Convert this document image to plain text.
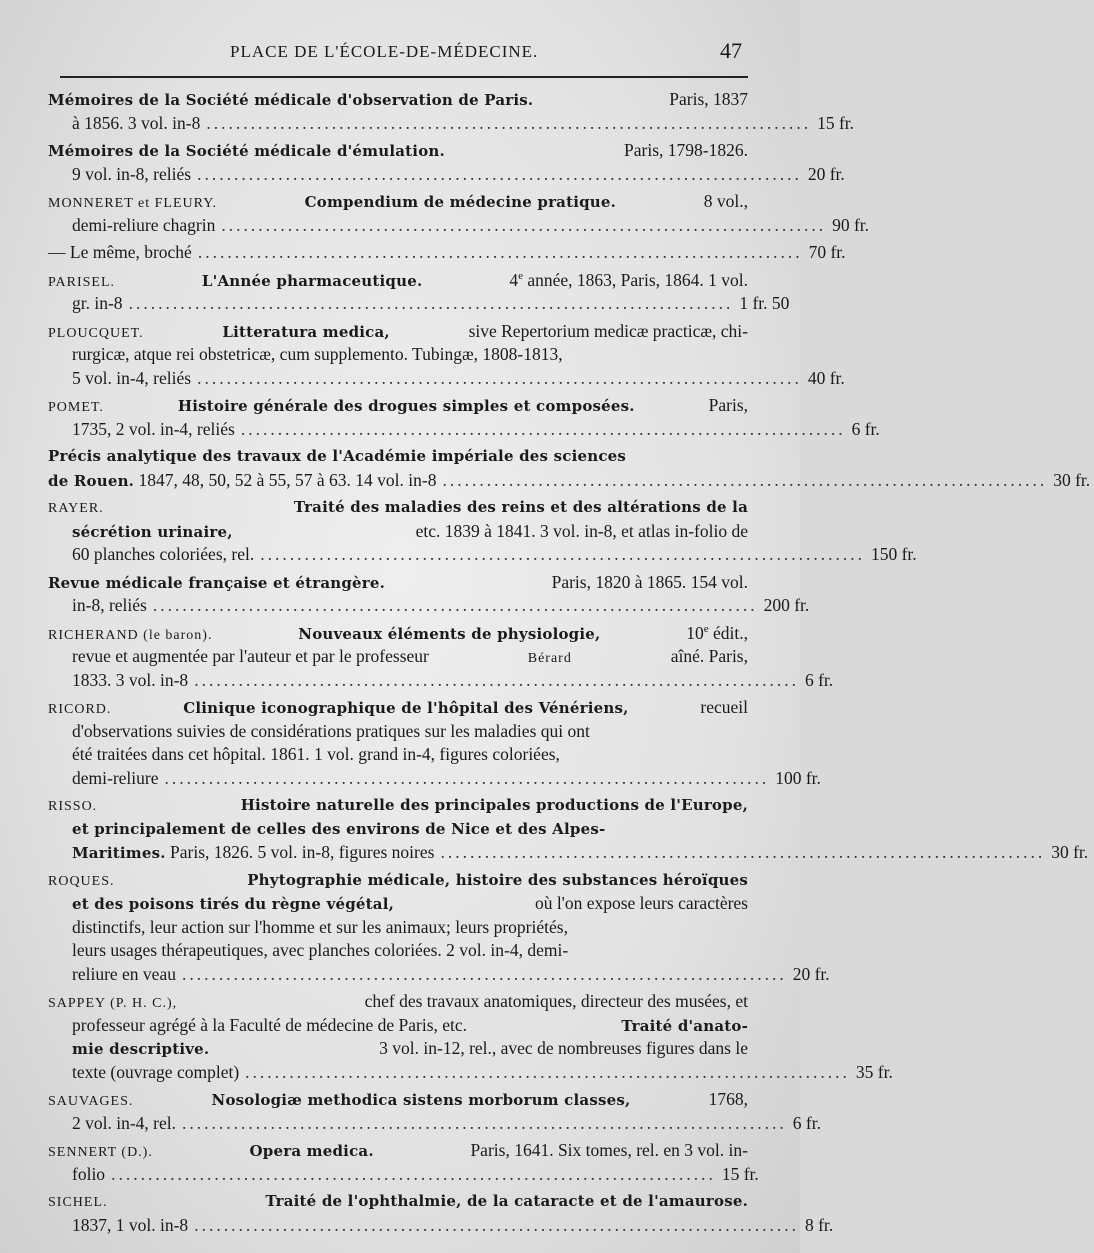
PLACE DE L'ÉCOLE-DE-MÉDECINE.	47
Mémoires de la Société médicale d'observation de Paris.	Paris, 1837
à 1856. 3 vol. in-8 .................................................................................. 15 fr.
Mémoires de la Société médicale d'émulation.	Paris, 1798-1826.
9 vol. in-8, reliés .................................................................................. 20 fr.
MONNERET et FLEURY.	Compendium de médecine pratique.	8 vol.,
demi-reliure chagrin .................................................................................. 90 fr.
— Le même, broché .................................................................................. 70 fr.
PARISEL.	L'Année pharmaceutique.	4e année, 1863, Paris, 1864. 1 vol.
gr. in-8 .................................................................................. 1 fr. 50
PLOUCQUET.	Litteratura medica,	sive Repertorium medicæ practicæ, chi-
rurgicæ, atque rei obstetricæ, cum supplemento. Tubingæ, 1808-1813,
5 vol. in-4, reliés .................................................................................. 40 fr.
POMET.	Histoire générale des drogues simples et composées.	Paris,
1735, 2 vol. in-4, reliés .................................................................................. 6 fr.
Précis analytique des travaux de l'Académie impériale des sciences
de Rouen.
1847, 48, 50, 52 à 55, 57 à 63. 14 vol. in-8 .................................................................................. 30 fr.
RAYER.	Traité des maladies des reins et des altérations de la
sécrétion urinaire,	etc. 1839 à 1841. 3 vol. in-8, et atlas in-folio de
60 planches coloriées, rel. .................................................................................. 150 fr.
Revue médicale française et étrangère.	Paris, 1820 à 1865. 154 vol.
in-8, reliés .................................................................................. 200 fr.
RICHERAND (le baron).	Nouveaux éléments de physiologie,	10e édit.,
revue et augmentée par l'auteur et par le professeur	Bérard	aîné. Paris,
1833. 3 vol. in-8 .................................................................................. 6 fr.
RICORD.	Clinique iconographique de l'hôpital des Vénériens,	recueil
d'observations suivies de considérations pratiques sur les maladies qui ont
été traitées dans cet hôpital. 1861. 1 vol. grand in-4, figures coloriées,
demi-reliure .................................................................................. 100 fr.
RISSO.	Histoire naturelle des principales productions de l'Europe,
et principalement de celles des environs de Nice et des Alpes-
Maritimes.
Paris, 1826. 5 vol. in-8, figures noires .................................................................................. 30 fr.
ROQUES.	Phytographie médicale, histoire des substances héroïques
et des poisons tirés du règne végétal,	où l'on expose leurs caractères
distinctifs, leur action sur l'homme et sur les animaux; leurs propriétés,
leurs usages thérapeutiques, avec planches coloriées. 2 vol. in-4, demi-
reliure en veau .................................................................................. 20 fr.
SAPPEY (P. H. C.),	chef des travaux anatomiques, directeur des musées, et
professeur agrégé à la Faculté de médecine de Paris, etc.	Traité d'anato-
mie descriptive.	3 vol. in-12, rel., avec de nombreuses figures dans le
texte (ouvrage complet) .................................................................................. 35 fr.
SAUVAGES.	Nosologiæ methodica sistens morborum classes,	1768,
2 vol. in-4, rel. .................................................................................. 6 fr.
SENNERT (D.).	Opera medica.	Paris, 1641. Six tomes, rel. en 3 vol. in-
folio .................................................................................. 15 fr.
SICHEL.	Traité de l'ophthalmie, de la cataracte et de l'amaurose.
1837, 1 vol. in-8 .................................................................................. 8 fr.
